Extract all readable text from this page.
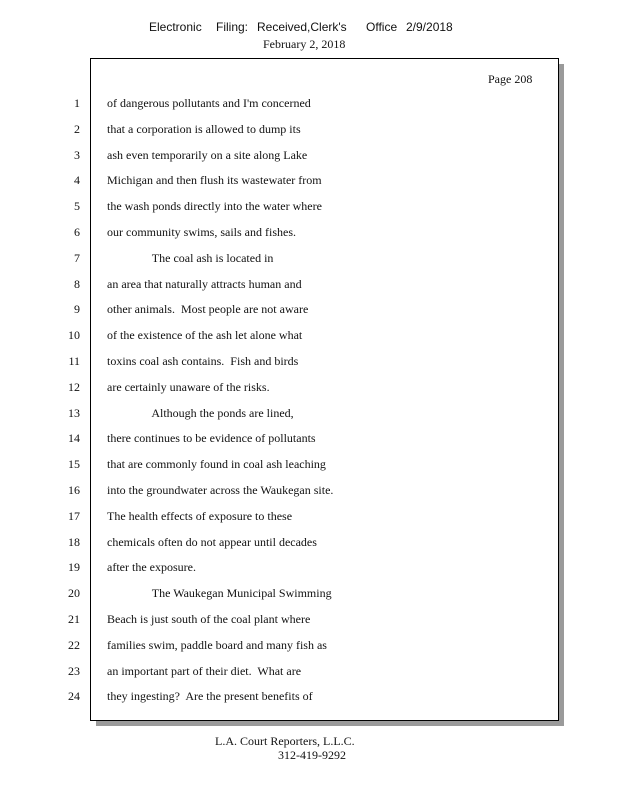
Electronic Filing: Received,Clerk's Office 2/9/2018
February 2, 2018
Page 208
1 of dangerous pollutants and I'm concerned
2 that a corporation is allowed to dump its
3 ash even temporarily on a site along Lake
4 Michigan and then flush its wastewater from
5 the wash ponds directly into the water where
6 our community swims, sails and fishes.
7 The coal ash is located in
8 an area that naturally attracts human and
9 other animals.  Most people are not aware
10 of the existence of the ash let alone what
11 toxins coal ash contains.  Fish and birds
12 are certainly unaware of the risks.
13 Although the ponds are lined,
14 there continues to be evidence of pollutants
15 that are commonly found in coal ash leaching
16 into the groundwater across the Waukegan site.
17 The health effects of exposure to these
18 chemicals often do not appear until decades
19 after the exposure.
20 The Waukegan Municipal Swimming
21 Beach is just south of the coal plant where
22 families swim, paddle board and many fish as
23 an important part of their diet.  What are
24 they ingesting?  Are the present benefits of
L.A. Court Reporters, L.L.C.
312-419-9292
